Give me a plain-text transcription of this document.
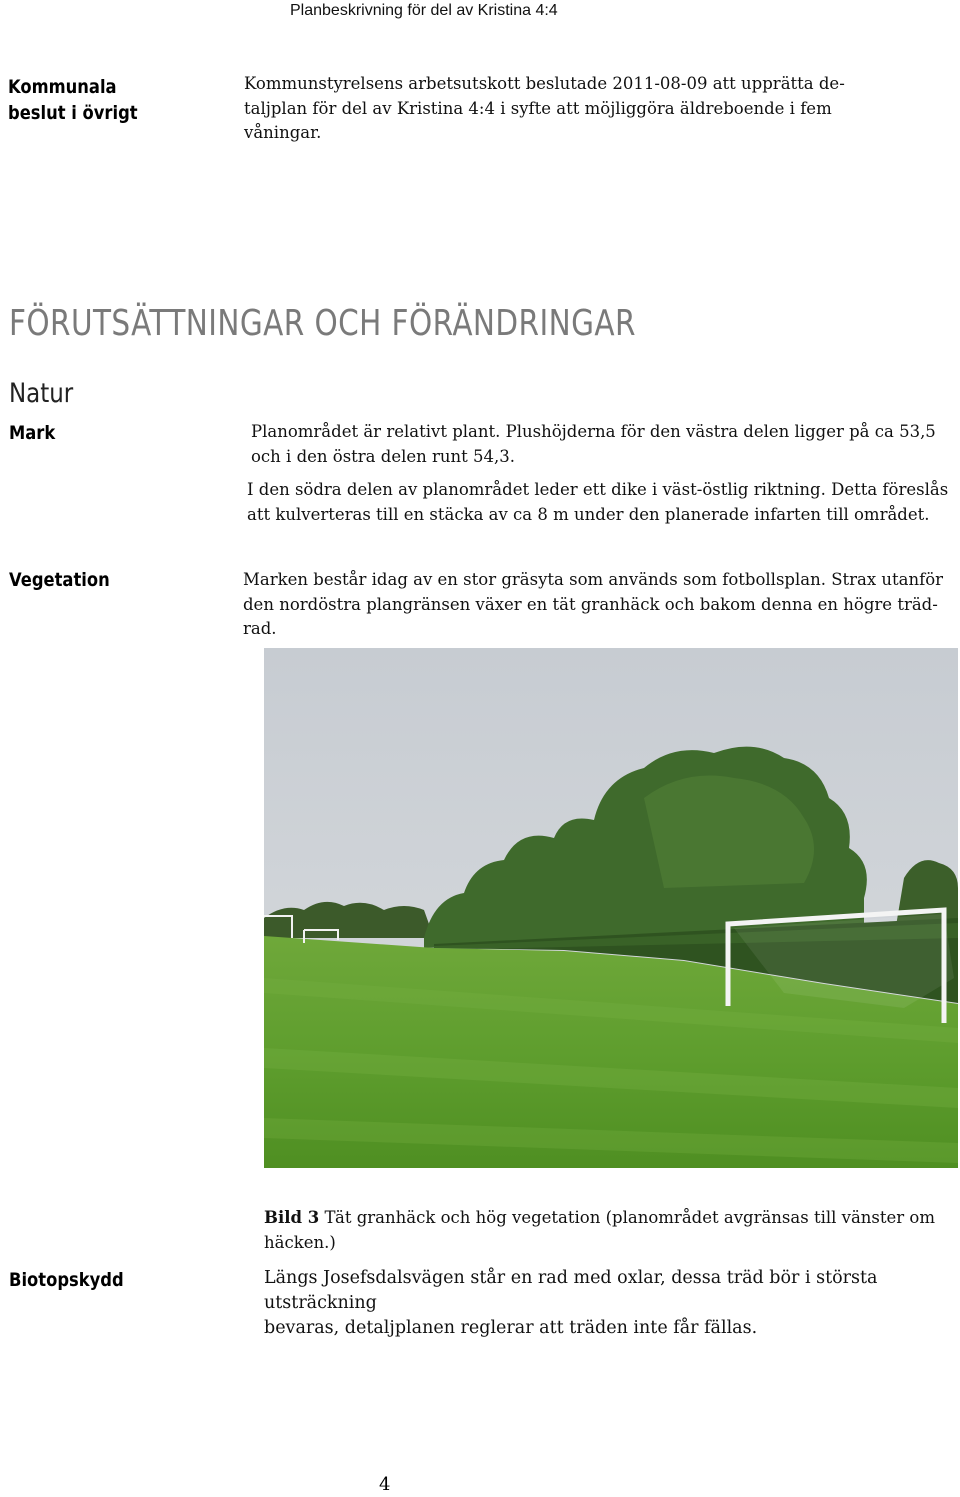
Planbeskrivning för del av Kristina 4:4
Kommunala
beslut i övrigt
Kommunstyrelsens arbetsutskott beslutade 2011-08-09 att upprätta de-
taljplan för del av Kristina 4:4 i syfte att möjliggöra äldreboende i fem
våningar.
FÖRUTSÄTTNINGAR OCH FÖRÄNDRINGAR
Natur
Mark	Planområdet är relativt plant. Plushöjderna för den västra delen ligger på ca 53,5
och i den östra delen runt 54,3.
I den södra delen av planområdet leder ett dike i väst-östlig riktning. Detta föreslås
att kulverteras till en stäcka av ca 8 m under den planerade infarten till området.
Vegetation	Marken består idag av en stor gräsyta som används som fotbollsplan. Strax utanför
den nordöstra plangränsen växer en tät granhäck och bakom denna en högre träd-
rad.
Bild 3 Tät granhäck och hög vegetation (planområdet avgränsas till vänster om häcken.)
Biotopskydd	Längs Josefsdalsvägen står en rad med oxlar, dessa träd bör i största utsträckning
bevaras, detaljplanen reglerar att träden inte får fällas.
4
